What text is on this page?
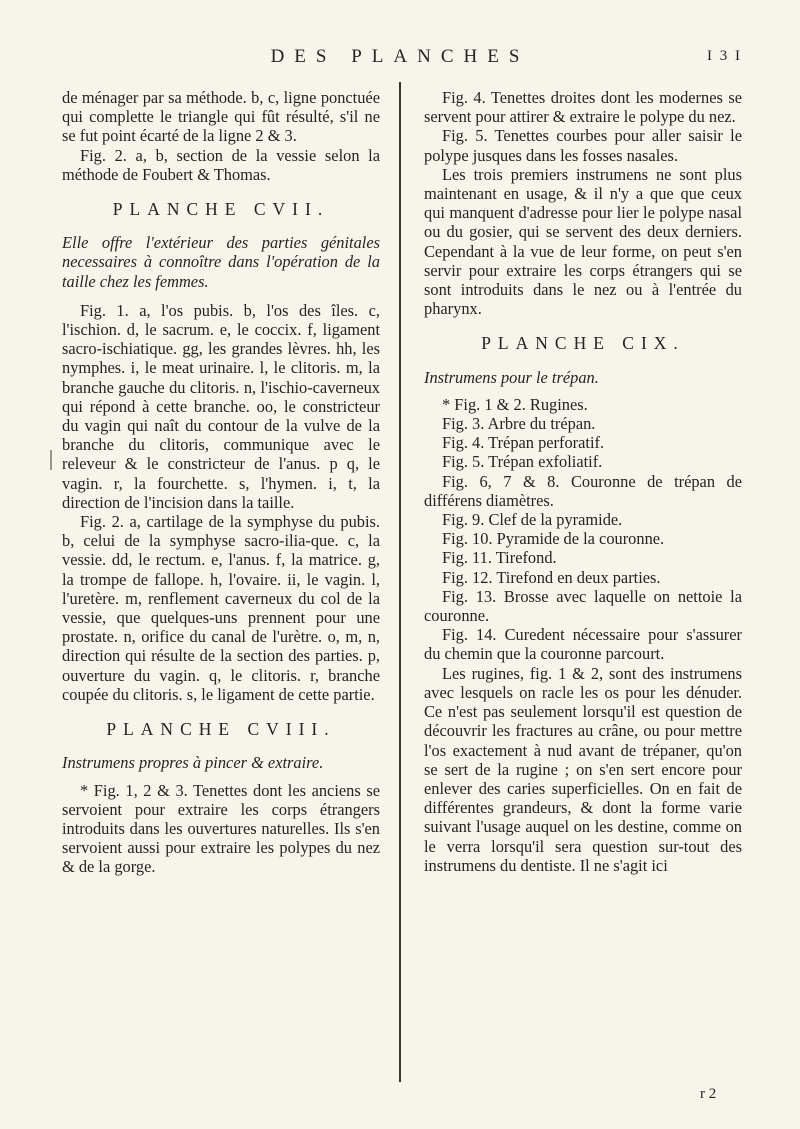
DES PLANCHES	I 3 I

de ménager par sa méthode. b, c, ligne ponctuée qui complette le triangle qui fût résulté, s'il ne se fut point écarté de la ligne 2 & 3.

Fig. 2. a, b, section de la vessie selon la méthode de Foubert & Thomas.

PLANCHE CVII.

Elle offre l'extérieur des parties génitales necessaires à connoître dans l'opération de la taille chez les femmes.

Fig. 1. a, l'os pubis. b, l'os des îles. c, l'ischion. d, le sacrum. e, le coccix. f, ligament sacro-ischiatique. gg, les grandes lèvres. hh, les nymphes. i, le meat urinaire. l, le clitoris. m, la branche gauche du clitoris. n, l'ischio-caverneux qui répond à cette branche. oo, le constricteur du vagin qui naît du contour de la vulve de la branche du clitoris, communique avec le releveur & le constricteur de l'anus. p q, le vagin. r, la fourchette. s, l'hymen. i, t, la direction de l'incision dans la taille.

Fig. 2. a, cartilage de la symphyse du pubis. b, celui de la symphyse sacro-ilia-que. c, la vessie. dd, le rectum. e, l'anus. f, la matrice. g, la trompe de fallope. h, l'ovaire. ii, le vagin. l, l'uretère. m, renflement caverneux du col de la vessie, que quelques-uns prennent pour une prostate. n, orifice du canal de l'urètre. o, m, n, direction qui résulte de la section des parties. p, ouverture du vagin. q, le clitoris. r, branche coupée du clitoris. s, le ligament de cette partie.

PLANCHE CVIII.

Instrumens propres à pincer & extraire.

* Fig. 1, 2 & 3. Tenettes dont les anciens se servoient pour extraire les corps étrangers introduits dans les ouvertures naturelles. Ils s'en servoient aussi pour extraire les polypes du nez & de la gorge.

Fig. 4. Tenettes droites dont les modernes se servent pour attirer & extraire le polype du nez.

Fig. 5. Tenettes courbes pour aller saisir le polype jusques dans les fosses nasales.

Les trois premiers instrumens ne sont plus maintenant en usage, & il n'y a que que ceux qui manquent d'adresse pour lier le polype nasal ou du gosier, qui se servent des deux derniers. Cependant à la vue de leur forme, on peut s'en servir pour extraire les corps étrangers qui se sont introduits dans le nez ou à l'entrée du pharynx.

PLANCHE CIX.

Instrumens pour le trépan.

* Fig. 1 & 2. Rugines.

Fig. 3. Arbre du trépan.

Fig. 4. Trépan perforatif.

Fig. 5. Trépan exfoliatif.

Fig. 6, 7 & 8. Couronne de trépan de différens diamètres.

Fig. 9. Clef de la pyramide.

Fig. 10. Pyramide de la couronne.

Fig. 11. Tirefond.

Fig. 12. Tirefond en deux parties.

Fig. 13. Brosse avec laquelle on nettoie la couronne.

Fig. 14. Curedent nécessaire pour s'assurer du chemin que la couronne parcourt.

Les rugines, fig. 1 & 2, sont des instrumens avec lesquels on racle les os pour les dénuder. Ce n'est pas seulement lorsqu'il est question de découvrir les fractures au crâne, ou pour mettre l'os exactement à nud avant de trépaner, qu'on se sert de la rugine ; on s'en sert encore pour enlever des caries superficielles. On en fait de différentes grandeurs, & dont la forme varie suivant l'usage auquel on les destine, comme on le verra lorsqu'il sera question sur-tout des instrumens du dentiste. Il ne s'agit ici

r 2
